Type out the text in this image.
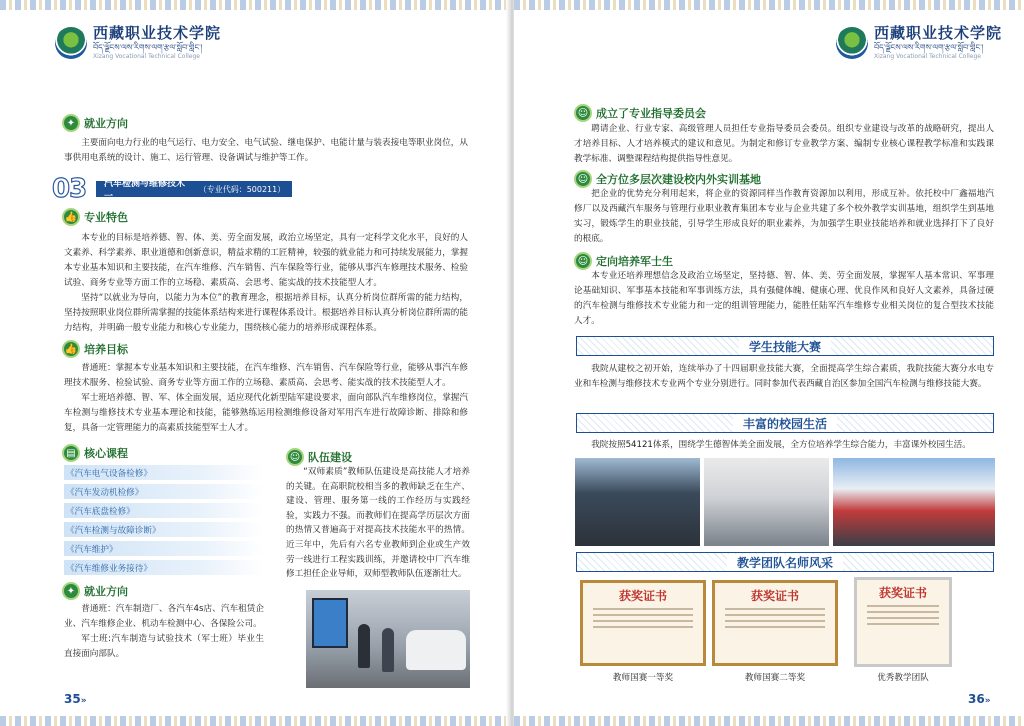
西藏职业技术学院
བོད་ལྗོངས་ལས་རིགས་ལག་རྩལ་སློབ་གླིང་།
Xizang Vocational Technical College
✦ 就业方向

主要面向电力行业的电气运行、电力安全、电气试验、继电保护、电能计量与装表接电等职业岗位，从事供用电系统的设计、施工、运行管理、设备调试与维护等工作。

03	汽车检测与维修技术一
（专业代码：500211）
👍 专业特色

本专业的目标是培养德、智、体、美、劳全面发展，政治立场坚定，具有一定科学文化水平，良好的人文素养、科学素养、职业道德和创新意识，精益求精的工匠精神，较强的就业能力和可持续发展能力，掌握本专业基本知识和主要技能，在汽车维修、汽车销售、汽车保险等行业，能够从事汽车修理技术服务、检验试验、商务专业等方面工作的立场稳、素质高、会思考、能实战的技术技能型人才。

坚持“以就业为导向，以能力为本位”的教育理念，根据培养目标，认真分析岗位群所需的能力结构，坚持按照职业岗位群所需掌握的技能体系结构来进行课程体系设计。根据培养目标认真分析岗位群所需的能力结构，并明确一般专业能力和核心专业能力，围绕核心能力的培养形成课程体系。

👍 培养目标

普通班：掌握本专业基本知识和主要技能，在汽车维修、汽车销售、汽车保险等行业，能够从事汽车修理技术服务、检验试验、商务专业等方面工作的立场稳、素质高、会思考、能实战的技术技能型人才。

军士班培养德、智、军、体全面发展，适应现代化新型陆军建设要求，面向部队汽车维修岗位，掌握汽车检测与维修技术专业基本理论和技能，能够熟练运用检测维修设备对军用汽车进行故障诊断、排除和修复，具备一定管理能力的高素质技能型军士人才。

▤ 核心课程
《汽车电气设备检修》
《汽车发动机检修》
《汽车底盘检修》
《汽车检测与故障诊断》
《汽车维护》
《汽车维修业务接待》
☺ 队伍建设

“双师素质”教师队伍建设是高技能人才培养的关键。在高职院校相当多的教师缺乏在生产、建设、管理、服务第一线的工作经历与实践经验，实践力不强。而教师们在提高学历层次方面的热情又普遍高于对提高技术技能水平的热情。近三年中，先后有六名专业教师到企业或生产效劳一线进行工程实践训练，并邀请校中厂汽车维修工担任企业导师，双师型教师队伍逐渐壮大。

✦ 就业方向

普通班：汽车制造厂、各汽车4s店、汽车租赁企业、汽车维修企业、机动车检测中心、各保险公司。

军士班:汽车制造与试验技术（军士班）毕业生直接面向部队。

35»
西藏职业技术学院
བོད་ལྗོངས་ལས་རིགས་ལག་རྩལ་སློབ་གླིང་།
Xizang Vocational Technical College
☺ 成立了专业指导委员会

聘请企业、行业专家、高级管理人员担任专业指导委员会委员。组织专业建设与改革的战略研究，提出人才培养目标、人才培养模式的建议和意见。为制定和修订专业教学方案、编制专业核心课程教学标准和实践课教学标准、调整课程结构提供指导性意见。

☺ 全方位多层次建设校内外实训基地

把企业的优势充分利用起来，将企业的资源同样当作教育资源加以利用，形成互补。依托校中厂鑫福地汽修厂以及西藏汽车服务与管理行业职业教育集团本专业与企业共建了多个校外教学实训基地，组织学生到基地实习，锻炼学生的职业技能，引导学生形成良好的职业素养，为加强学生职业技能培养和就业选择打下了良好的根底。

☺ 定向培养军士生

本专业还培养理想信念及政治立场坚定，坚持德、智、体、美、劳全面发展，掌握军人基本常识、军事理论基础知识、军事基本技能和军事训练方法，具有强健体魄、健康心理、优良作风和良好人文素养，具备过硬的汽车检测与维修技术专业能力和一定的组训管理能力，能胜任陆军汽车维修专业相关岗位的复合型技术技能人才。

学生技能大赛

我院从建校之初开始，连续举办了十四届职业技能大赛，全面提高学生综合素质，我院技能大赛分水电专业和车检测与维修技术专业两个专业分别进行。同时参加代表西藏自治区参加全国汽车检测与维修技能大赛。

丰富的校园生活

我院按照54121体系，围绕学生德智体美全面发展，全方位培养学生综合能力，丰富课外校园生活。

教学团队名师风采
获奖证书	获奖证书	获奖证书
教师国赛一等奖	教师国赛二等奖	优秀教学团队
36»
